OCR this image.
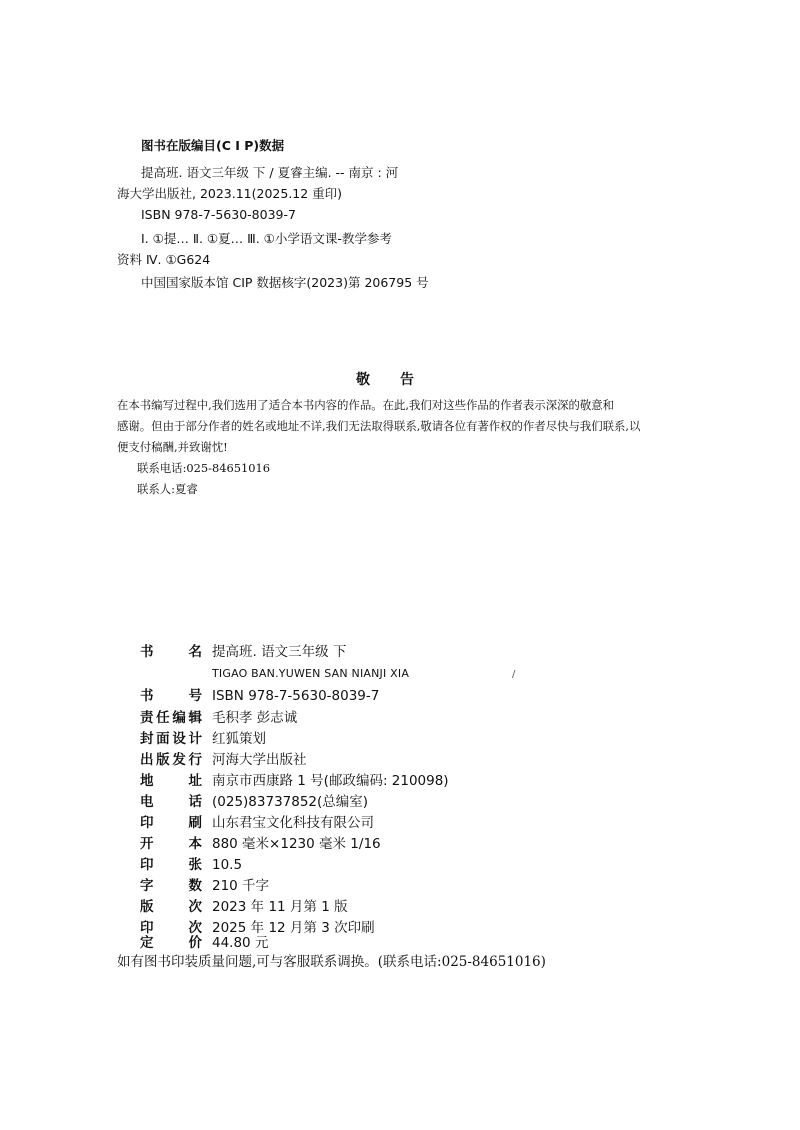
图书在版编目(C I P)数据
提高班. 语文三年级 下 / 夏睿主编. -- 南京 : 河
海大学出版社, 2023.11(2025.12 重印)
ISBN 978-7-5630-8039-7
Ⅰ. ①提… Ⅱ. ①夏… Ⅲ. ①小学语文课-教学参考
资料 Ⅳ. ①G624
中国国家版本馆 CIP 数据核字(2023)第 206795 号
敬告
在本书编写过程中,我们选用了适合本书内容的作品。在此,我们对这些作品的作者表示深深的敬意和
感谢。但由于部分作者的姓名或地址不详,我们无法取得联系,敬请各位有著作权的作者尽快与我们联系,以
便支付稿酬,并致谢忱!
联系电话:025-84651016
联系人:夏睿
书 名 提高班. 语文三年级 下
TIGAO BAN.YUWEN SAN NIANJI XIA	/
书 号 ISBN 978-7-5630-8039-7
责任编辑 毛积孝 彭志诚
封面设计 红狐策划
出版发行 河海大学出版社
地 址 南京市西康路 1 号(邮政编码: 210098)
电 话 (025)83737852(总编室)
印 刷 山东君宝文化科技有限公司
开 本 880 毫米×1230 毫米 1/16
印 张 10.5
字 数 210 千字
版 次 2023 年 11 月第 1 版
印 次 2025 年 12 月第 3 次印刷
定 价 44.80 元
如有图书印装质量问题,可与客服联系调换。(联系电话:025-84651016)
